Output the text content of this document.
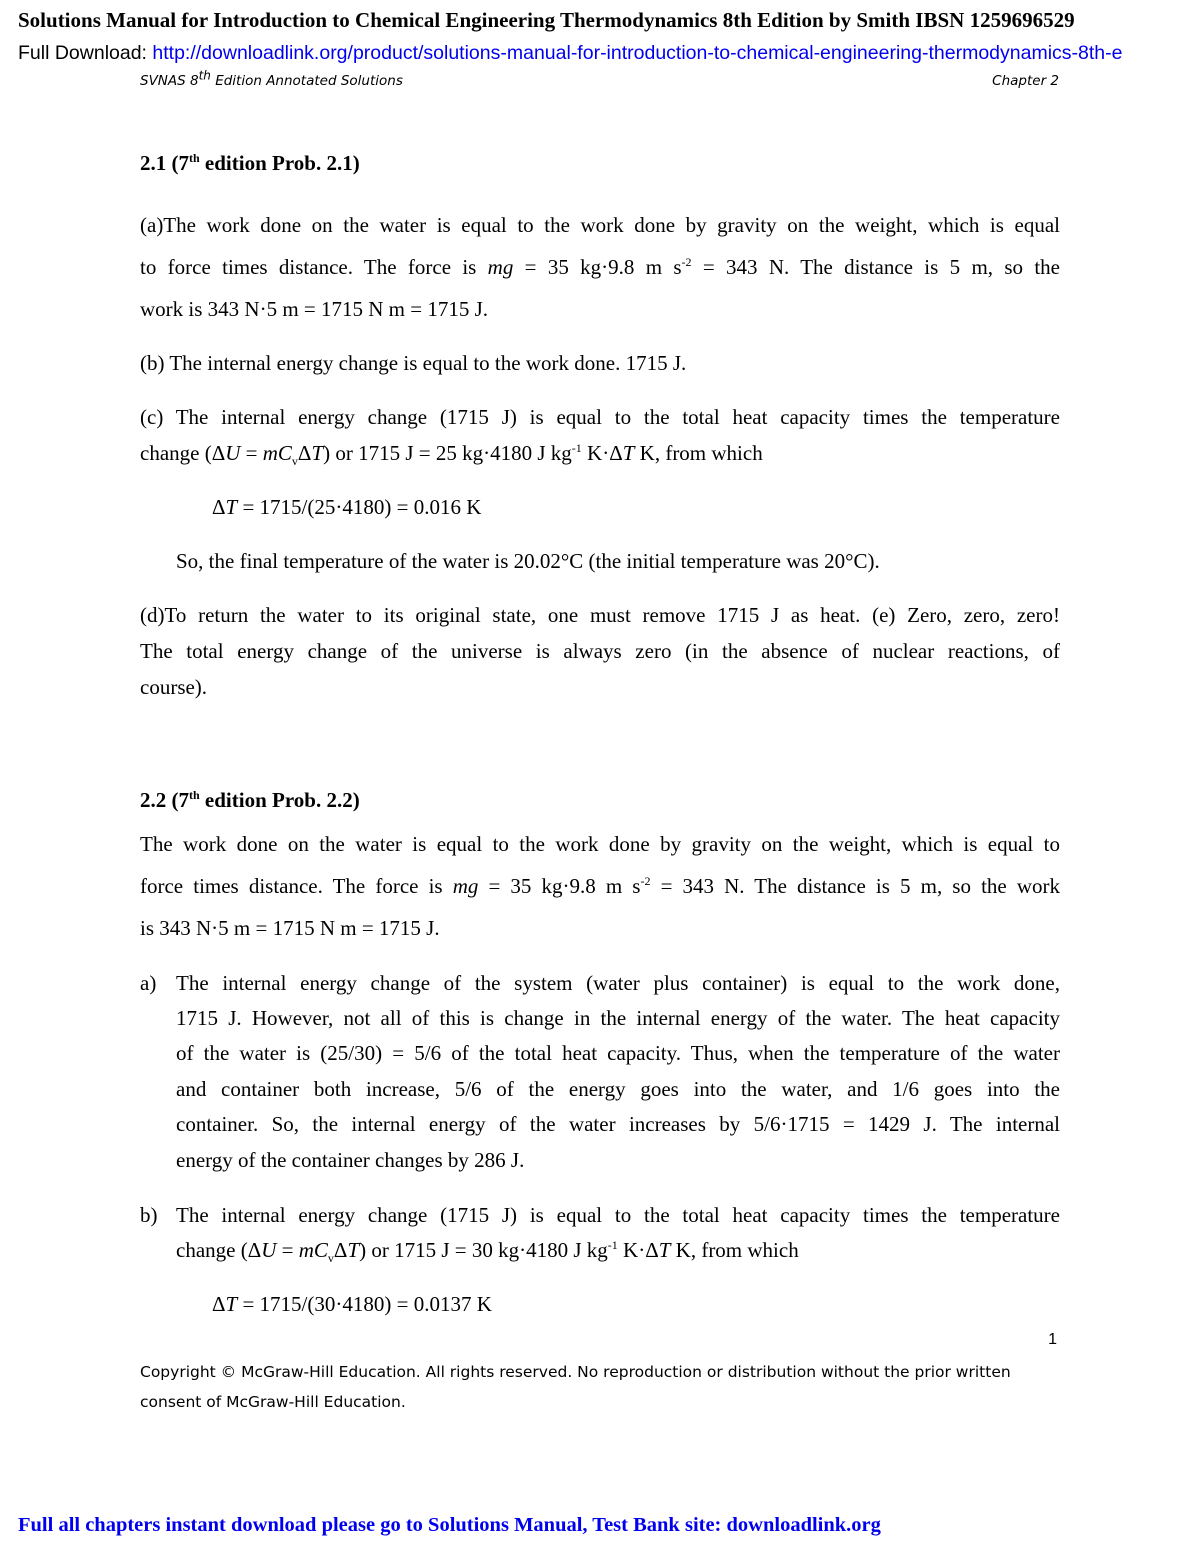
Solutions Manual for Introduction to Chemical Engineering Thermodynamics 8th Edition by Smith IBSN 1259696529
Full Download: http://downloadlink.org/product/solutions-manual-for-introduction-to-chemical-engineering-thermodynamics-8th-e
SVNAS 8th Edition Annotated Solutions	Chapter 2
2.1 (7th edition Prob. 2.1)
(a)The work done on the water is equal to the work done by gravity on the weight, which is equal
to force times distance. The force is mg = 35 kg·9.8 m $s^{-2} = 343$ N. The distance is 5 m, so the
work is 343 N·5 m = 1715 N m = 1715 J.
(b) The internal energy change is equal to the work done. 1715 J.
(c) The internal energy change (1715 J) is equal to the total heat capacity times the temperature
change $(\Delta U = mC_v\Delta T)$ or 1715 J = 25 kg·4180 J $kg^{-1}$ K·ΔT K, from which
ΔT = 1715/(25·4180) = 0.016 K
So, the final temperature of the water is 20.02°C (the initial temperature was 20°C).
(d)To return the water to its original state, one must remove 1715 J as heat. (e) Zero, zero, zero!
The total energy change of the universe is always zero (in the absence of nuclear reactions, of
course).
2.2 (7th edition Prob. 2.2)
The work done on the water is equal to the work done by gravity on the weight, which is equal to
force times distance. The force is mg = 35 kg·9.8 m $s^{-2} = 343$ N. The distance is 5 m, so the work
is 343 N·5 m = 1715 N m = 1715 J.
a) The internal energy change of the system (water plus container) is equal to the work done,
1715 J. However, not all of this is change in the internal energy of the water. The heat capacity
of the water is (25/30) = 5/6 of the total heat capacity. Thus, when the temperature of the water
and container both increase, 5/6 of the energy goes into the water, and 1/6 goes into the
container. So, the internal energy of the water increases by 5/6·1715 = 1429 J. The internal
energy of the container changes by 286 J.
b) The internal energy change (1715 J) is equal to the total heat capacity times the temperature
change $(\Delta U = mC_v\Delta T)$ or 1715 J = 30 kg·4180 J $kg^{-1}$ K·ΔT K, from which
ΔT = 1715/(30·4180) = 0.0137 K
1
Copyright © McGraw-Hill Education. All rights reserved. No reproduction or distribution without the prior written consent of McGraw-Hill Education.
Full all chapters instant download please go to Solutions Manual, Test Bank site: downloadlink.org
